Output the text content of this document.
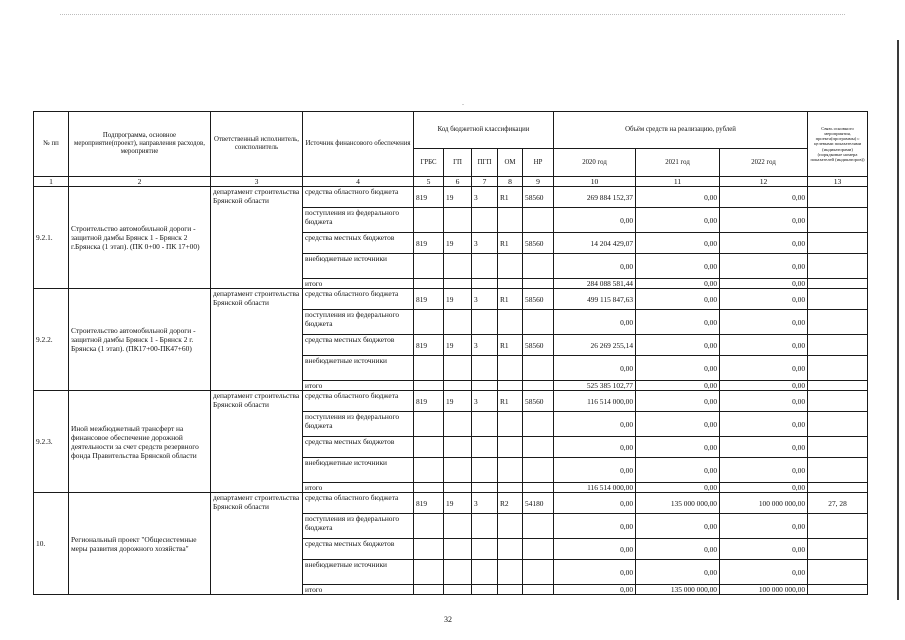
.
№ пп	Подпрограмма, основное мероприятие(проект), направления расходов, мероприятие	Ответственный исполнитель, соисполнитель	Источник финансового обеспечения	Код бюджетной классификации					Объём средств на реализацию, рублей			Связь основного мероприятия, проекта(программы) с целевыми показателями (индикаторами) (порядковые номера показателей (индикаторов))
				ГРБС	ГП	ПГП	ОМ	НР	2020 год	2021 год	2022 год	
1	2	3	4	5	6	7	8	9	10	11	12	13
9.2.1.	Строительство автомобильной дороги - защитной дамбы Брянск 1 - Брянск 2 г.Брянска (1 этап). (ПК 0+00 - ПК 17+00)	департамент строительства Брянской области	средства областного бюджета	819	19	3	R1	58560	269 884 152,37	0,00	0,00	
			поступления из федерального бюджета						0,00	0,00	0,00	
			средства местных бюджетов	819	19	3	R1	58560	14 204 429,07	0,00	0,00	
			внебюджетные источники						0,00	0,00	0,00	
			итого						284 088 581,44	0,00	0,00	
9.2.2.	Строительство автомобильной дороги - защитной дамбы Брянск 1 - Брянск 2 г. Брянска (1 этап). (ПК17+00-ПК47+60)	департамент строительства Брянской области	средства областного бюджета	819	19	3	R1	58560	499 115 847,63	0,00	0,00	
			поступления из федерального бюджета						0,00	0,00	0,00	
			средства местных бюджетов	819	19	3	R1	58560	26 269 255,14	0,00	0,00	
			внебюджетные источники						0,00	0,00	0,00	
			итого						525 385 102,77	0,00	0,00	
9.2.3.	Иной межбюджетный трансферт на финансовое обеспечение дорожной деятельности за счет средств резервного фонда Правительства Брянской области	департамент строительства Брянской области	средства областного бюджета	819	19	3	R1	58560	116 514 000,00	0,00	0,00	
			поступления из федерального бюджета						0,00	0,00	0,00	
			средства местных бюджетов						0,00	0,00	0,00	
			внебюджетные источники						0,00	0,00	0,00	
			итого						116 514 000,00	0,00	0,00	
10.	Региональный проект "Общесистемные меры развития дорожного хозяйства"	департамент строительства Брянской области	средства областного бюджета	819	19	3	R2	54180	0,00	135 000 000,00	100 000 000,00	27, 28
			поступления из федерального бюджета						0,00	0,00	0,00	
			средства местных бюджетов						0,00	0,00	0,00	
			внебюджетные источники						0,00	0,00	0,00	
			итого						0,00	135 000 000,00	100 000 000,00	
32
